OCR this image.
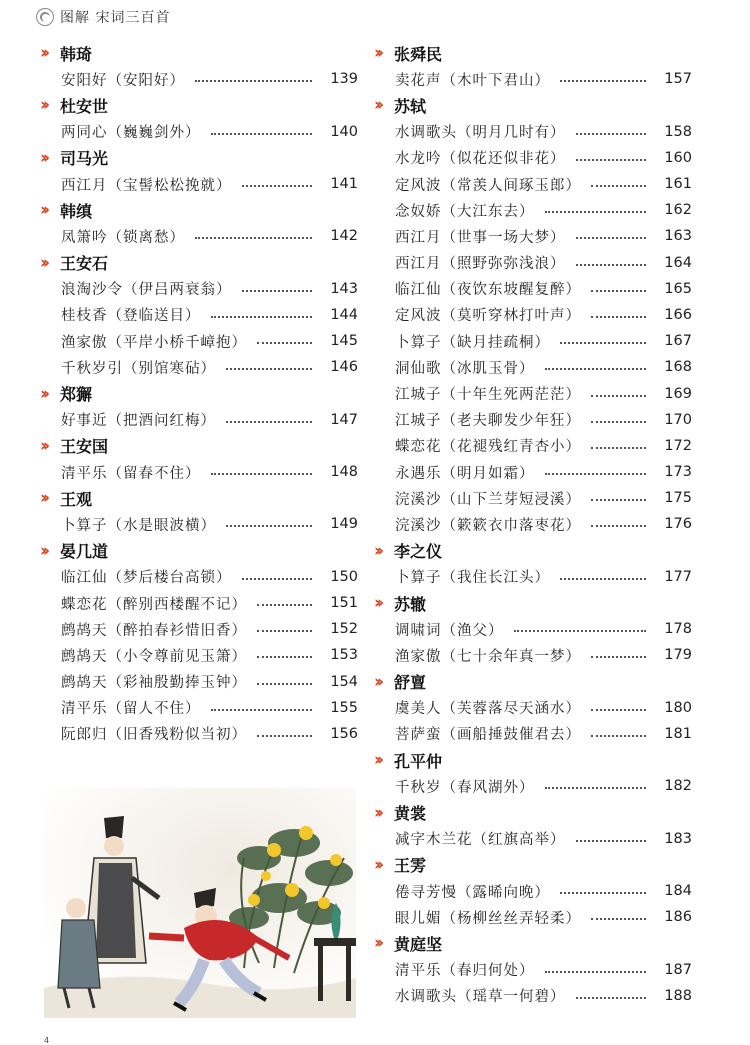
图解 宋词三百首
›› 韩琦
安阳好（安阳好）	139
›› 杜安世
两同心（巍巍剑外）	140
›› 司马光
西江月（宝髻松松挽就）	141
›› 韩缜
凤箫吟（锁离愁）	142
›› 王安石
浪淘沙令（伊吕两衰翁）	143
桂枝香（登临送目）	144
渔家傲（平岸小桥千嶂抱）	145
千秋岁引（别馆寒砧）	146
›› 郑獬
好事近（把酒问红梅）	147
›› 王安国
清平乐（留春不住）	148
›› 王观
卜算子（水是眼波横）	149
›› 晏几道
临江仙（梦后楼台高锁）	150
蝶恋花（醉别西楼醒不记）	151
鹧鸪天（醉拍春衫惜旧香）	152
鹧鸪天（小令尊前见玉箫）	153
鹧鸪天（彩袖殷勤捧玉钟）	154
清平乐（留人不住）	155
阮郎归（旧香残粉似当初）	156
›› 张舜民
卖花声（木叶下君山）	157
›› 苏轼
水调歌头（明月几时有）	158
水龙吟（似花还似非花）	160
定风波（常羡人间琢玉郎）	161
念奴娇（大江东去）	162
西江月（世事一场大梦）	163
西江月（照野弥弥浅浪）	164
临江仙（夜饮东坡醒复醉）	165
定风波（莫听穿林打叶声）	166
卜算子（缺月挂疏桐）	167
洞仙歌（冰肌玉骨）	168
江城子（十年生死两茫茫）	169
江城子（老夫聊发少年狂）	170
蝶恋花（花褪残红青杏小）	172
永遇乐（明月如霜）	173
浣溪沙（山下兰芽短浸溪）	175
浣溪沙（簌簌衣巾落枣花）	176
›› 李之仪
卜算子（我住长江头）	177
›› 苏辙
调啸词（渔父）	178
渔家傲（七十余年真一梦）	179
›› 舒亶
虞美人（芙蓉落尽天涵水）	180
菩萨蛮（画船捶鼓催君去）	181
›› 孔平仲
千秋岁（春风湖外）	182
›› 黄裳
减字木兰花（红旗高举）	183
›› 王雱
倦寻芳慢（露晞向晚）	184
眼儿媚（杨柳丝丝弄轻柔）	186
›› 黄庭坚
清平乐（春归何处）	187
水调歌头（瑶草一何碧）	188
4
